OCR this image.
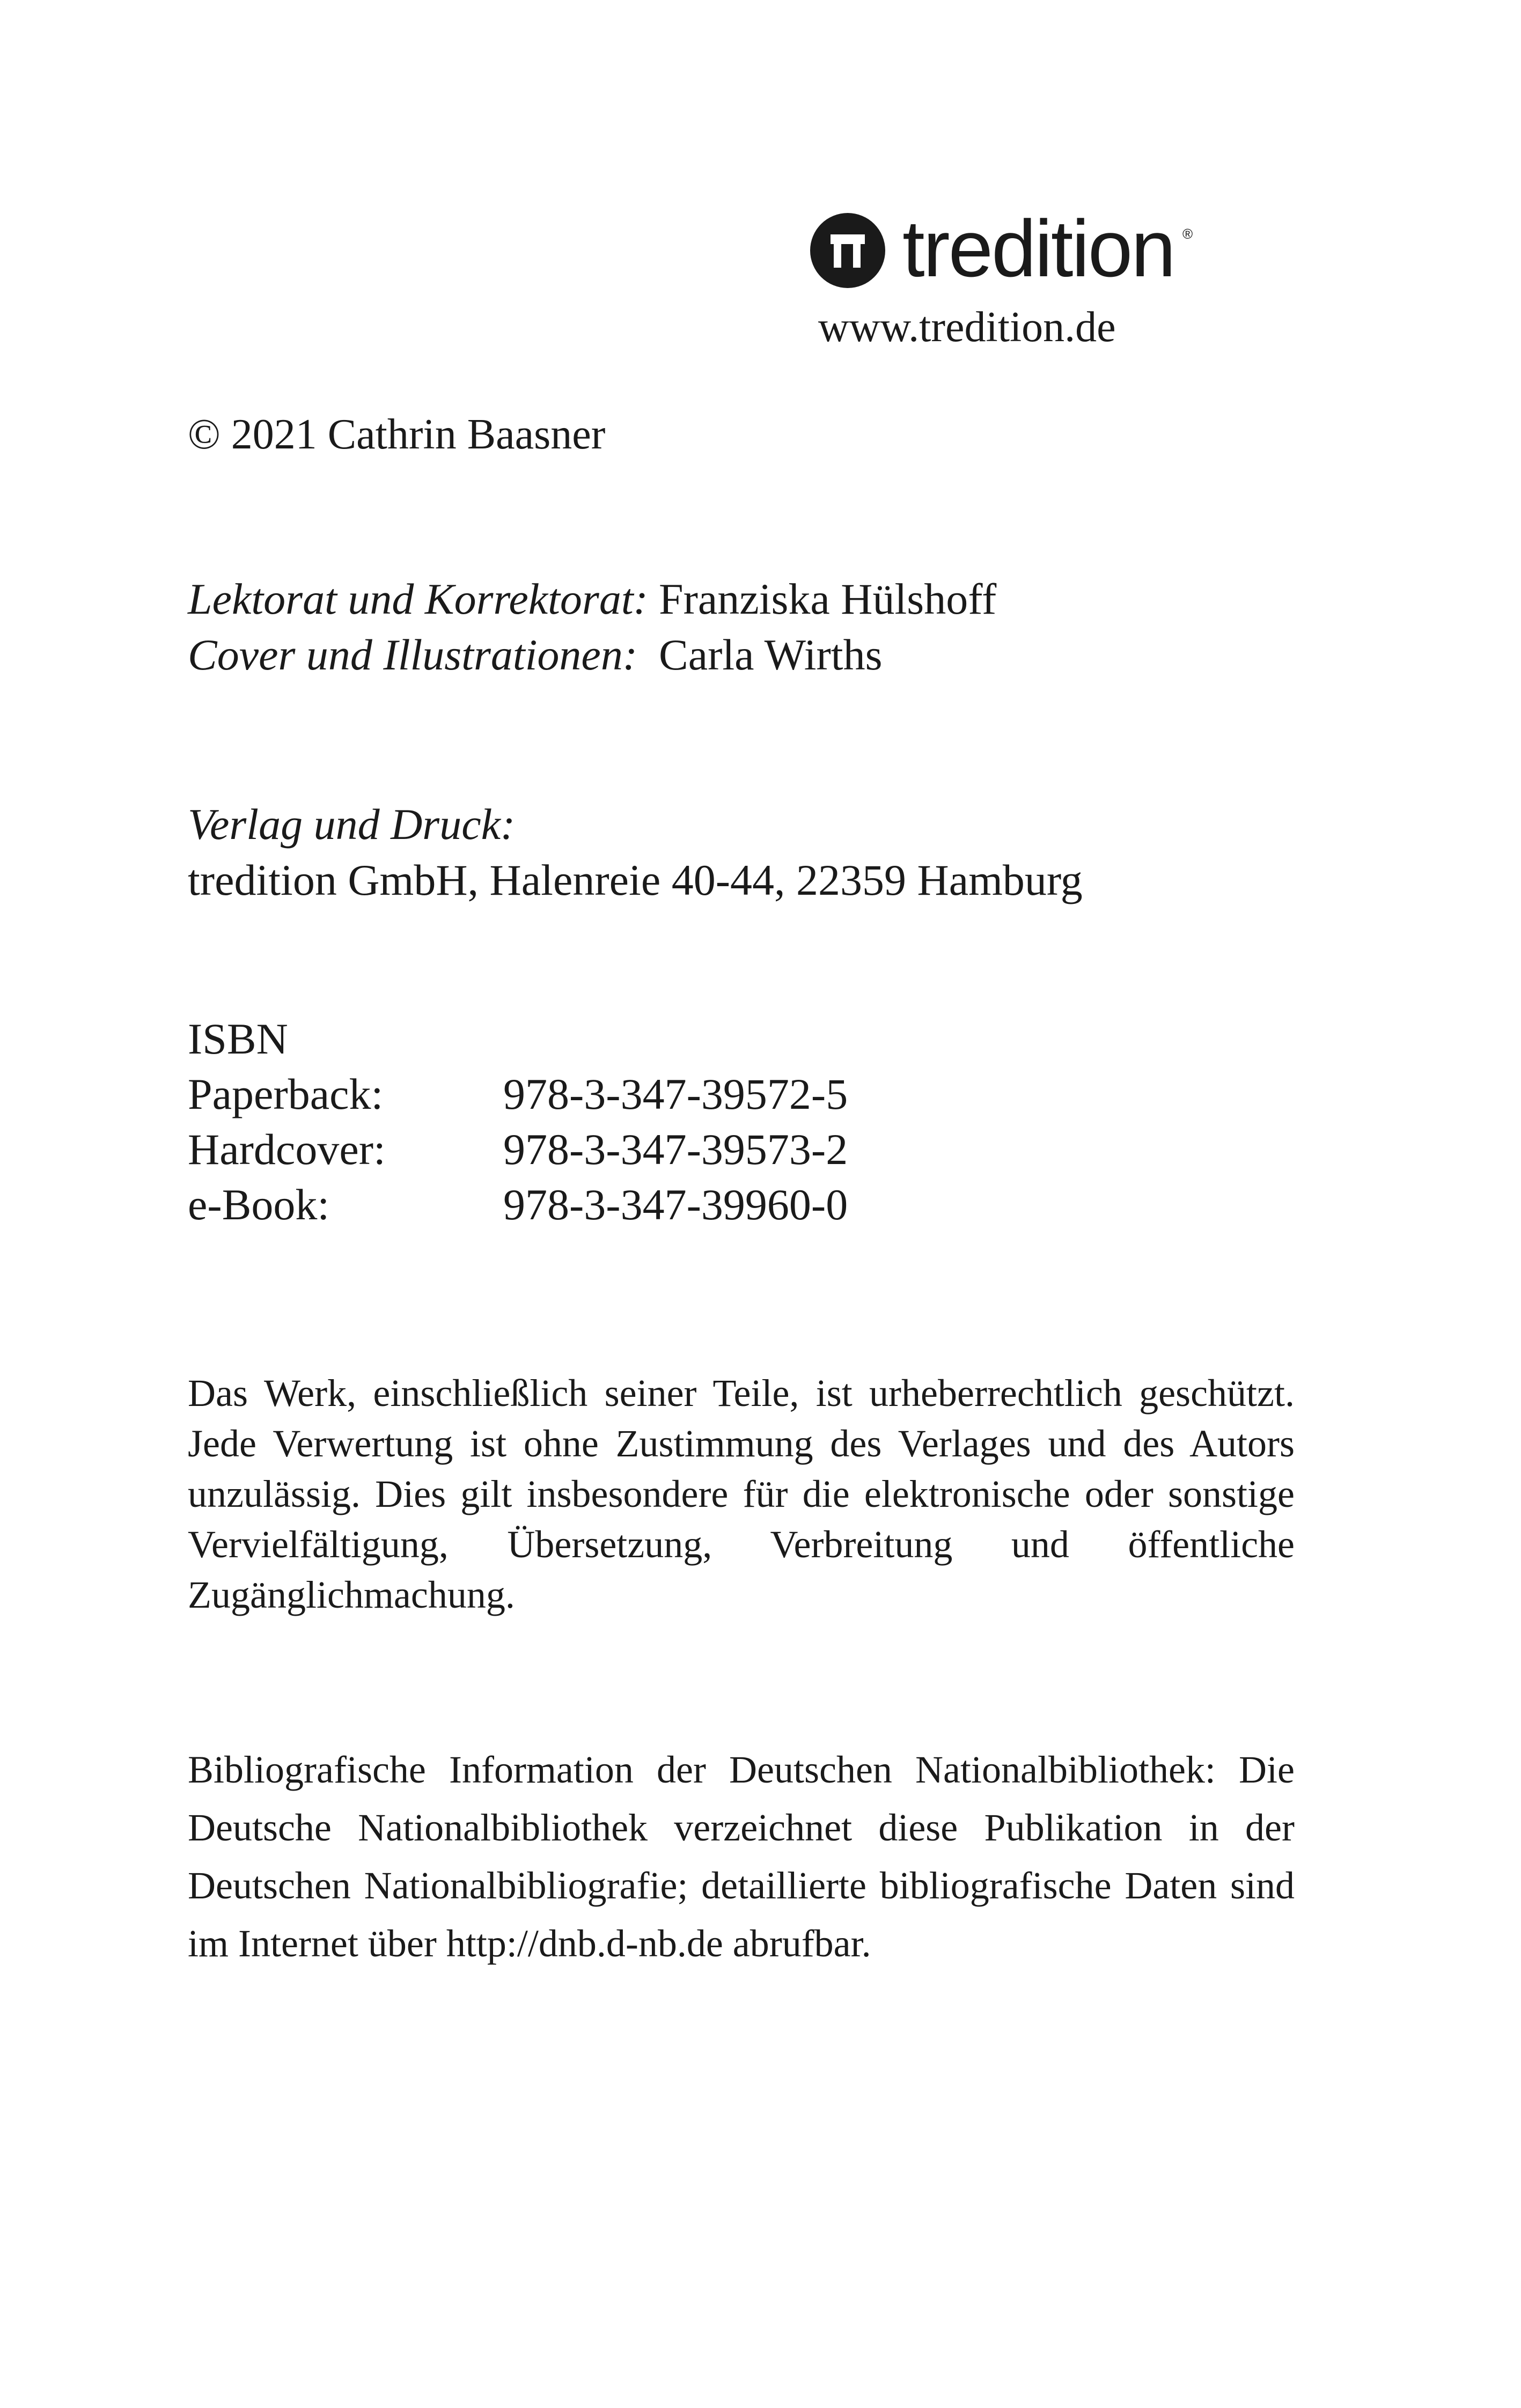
tredition ®
www.tredition.de
© 2021 Cathrin Baasner
Lektorat und Korrektorat: Franziska Hülshoff
Cover und Illustrationen: Carla Wirths
Verlag und Druck:
tredition GmbH, Halenreie 40-44, 22359 Hamburg
ISBN
Paperback:	978-3-347-39572-5
Hardcover:	978-3-347-39573-2
e-Book:	978-3-347-39960-0

Das Werk, einschließlich seiner Teile, ist urheberrechtlich geschützt. Jede Verwertung ist ohne Zustimmung des Verlages und des Autors unzulässig. Dies gilt insbesondere für die elektronische oder sonstige Vervielfältigung, Übersetzung, Verbreitung und öffentliche Zugänglichmachung.

Bibliografische Information der Deutschen Nationalbibliothek: Die Deutsche Nationalbibliothek verzeichnet diese Publikation in der Deutschen Nationalbibliografie; detaillierte bibliografische Daten sind im Internet über http://dnb.d-nb.de abrufbar.
